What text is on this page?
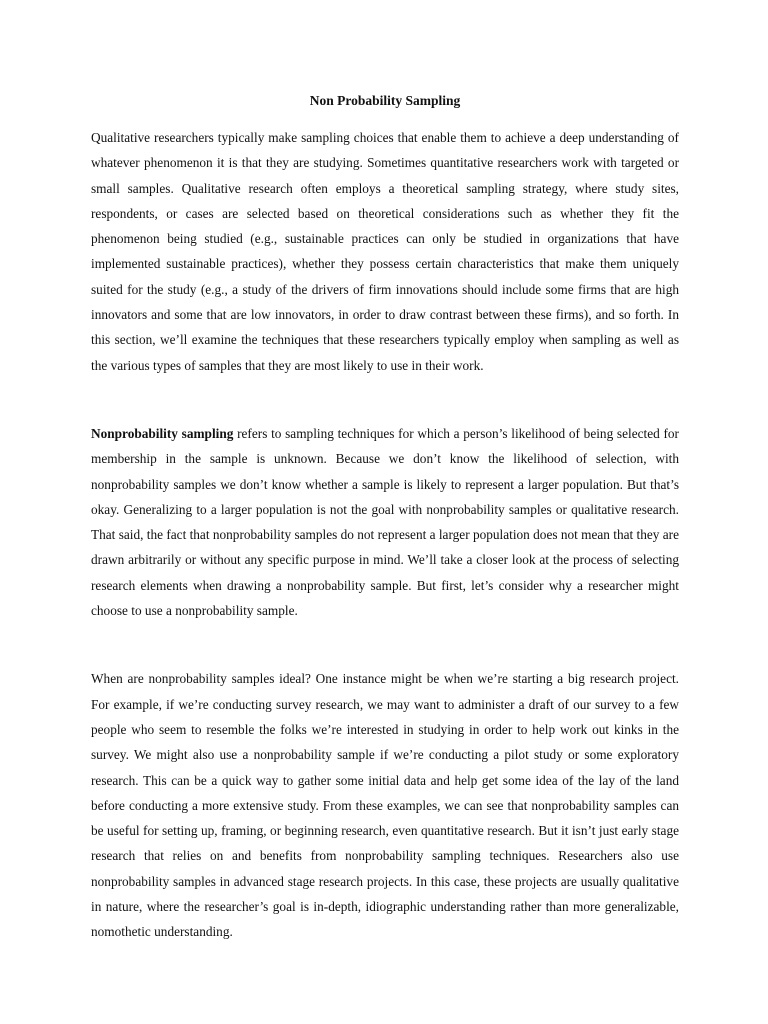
Non Probability Sampling

Qualitative researchers typically make sampling choices that enable them to achieve a deep understanding of whatever phenomenon it is that they are studying. Sometimes quantitative researchers work with targeted or small samples. Qualitative research often employs a theoretical sampling strategy, where study sites, respondents, or cases are selected based on theoretical considerations such as whether they fit the phenomenon being studied (e.g., sustainable practices can only be studied in organizations that have implemented sustainable practices), whether they possess certain characteristics that make them uniquely suited for the study (e.g., a study of the drivers of firm innovations should include some firms that are high innovators and some that are low innovators, in order to draw contrast between these firms), and so forth. In this section, we’ll examine the techniques that these researchers typically employ when sampling as well as the various types of samples that they are most likely to use in their work.

Nonprobability sampling refers to sampling techniques for which a person’s likelihood of being selected for membership in the sample is unknown. Because we don’t know the likelihood of selection, with nonprobability samples we don’t know whether a sample is likely to represent a larger population. But that’s okay. Generalizing to a larger population is not the goal with nonprobability samples or qualitative research. That said, the fact that nonprobability samples do not represent a larger population does not mean that they are drawn arbitrarily or without any specific purpose in mind. We’ll take a closer look at the process of selecting research elements when drawing a nonprobability sample. But first, let’s consider why a researcher might choose to use a nonprobability sample.

When are nonprobability samples ideal? One instance might be when we’re starting a big research project. For example, if we’re conducting survey research, we may want to administer a draft of our survey to a few people who seem to resemble the folks we’re interested in studying in order to help work out kinks in the survey. We might also use a nonprobability sample if we’re conducting a pilot study or some exploratory research. This can be a quick way to gather some initial data and help get some idea of the lay of the land before conducting a more extensive study. From these examples, we can see that nonprobability samples can be useful for setting up, framing, or beginning research, even quantitative research. But it isn’t just early stage research that relies on and benefits from nonprobability sampling techniques. Researchers also use nonprobability samples in advanced stage research projects. In this case, these projects are usually qualitative in nature, where the researcher’s goal is in-depth, idiographic understanding rather than more generalizable, nomothetic understanding.
